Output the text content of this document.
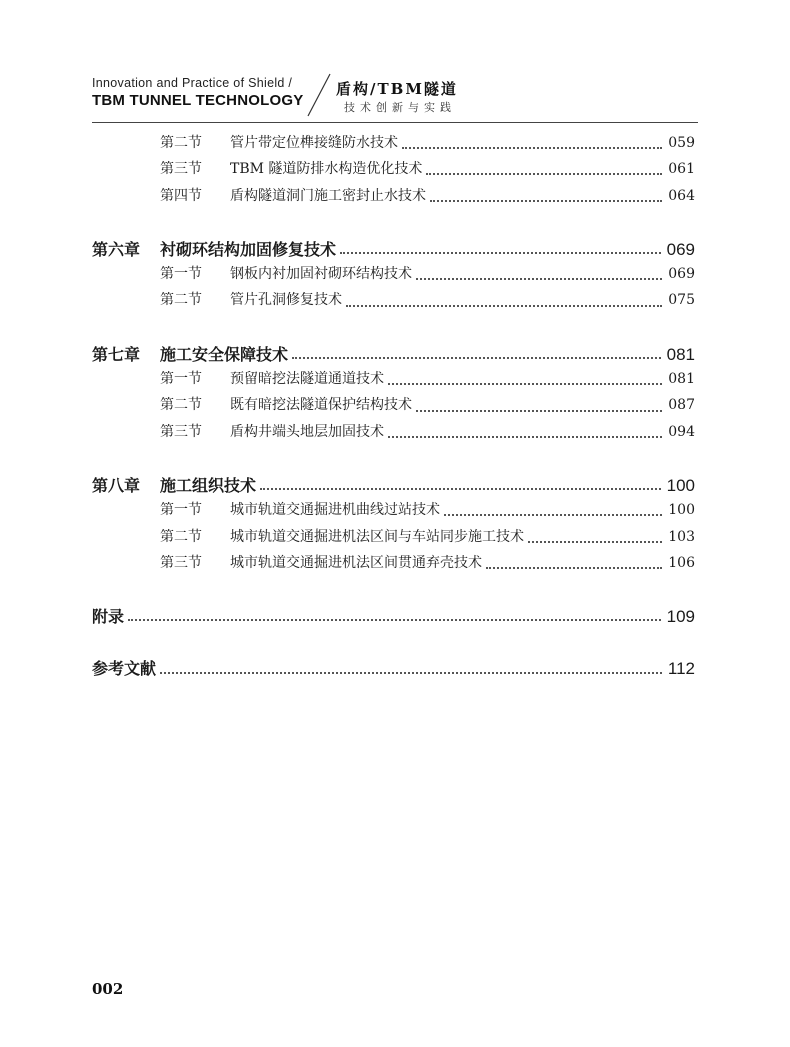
Innovation and Practice of Shield /
TBM TUNNEL TECHNOLOGY
盾构/TBM隧道
技术创新与实践
第二节	管片带定位榫接缝防水技术	059
第三节	TBM 隧道防排水构造优化技术	061
第四节	盾构隧道洞门施工密封止水技术	064
第六章	衬砌环结构加固修复技术	069
第一节	钢板内衬加固衬砌环结构技术	069
第二节	管片孔洞修复技术	075
第七章	施工安全保障技术	081
第一节	预留暗挖法隧道通道技术	081
第二节	既有暗挖法隧道保护结构技术	087
第三节	盾构井端头地层加固技术	094
第八章	施工组织技术	100
第一节	城市轨道交通掘进机曲线过站技术	100
第二节	城市轨道交通掘进机法区间与车站同步施工技术	103
第三节	城市轨道交通掘进机法区间贯通弃壳技术	106
附录	109
参考文献	112
002
